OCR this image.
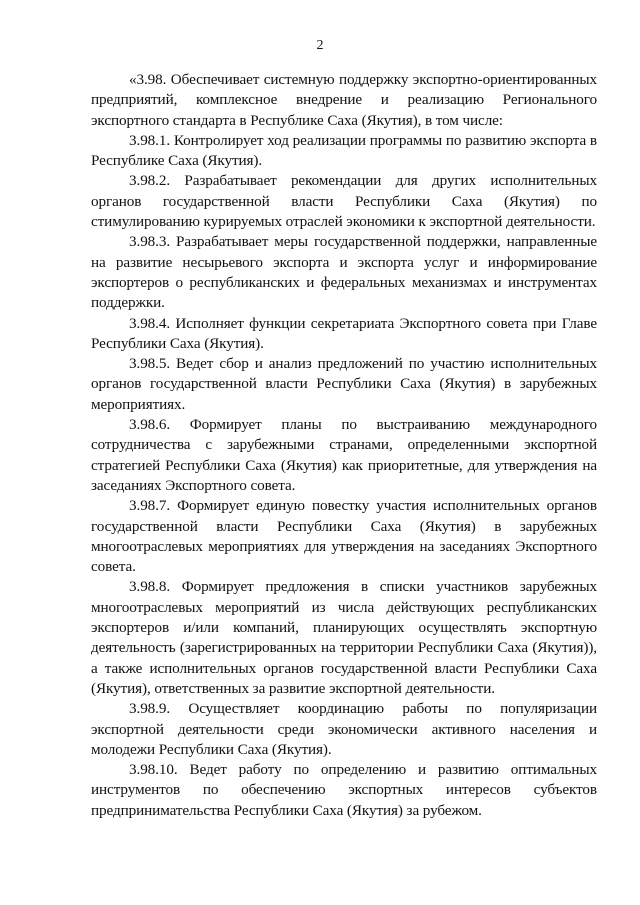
2

«3.98. Обеспечивает системную поддержку экспортно-ориентированных предприятий, комплексное внедрение и реализацию Регионального экспортного стандарта в Республике Саха (Якутия), в том числе:

3.98.1. Контролирует ход реализации программы по развитию экспорта в Республике Саха (Якутия).

3.98.2. Разрабатывает рекомендации для других исполнительных органов государственной власти Республики Саха (Якутия) по стимулированию курируемых отраслей экономики к экспортной деятельности.

3.98.3. Разрабатывает меры государственной поддержки, направленные на развитие несырьевого экспорта и экспорта услуг и информирование экспортеров о республиканских и федеральных механизмах и инструментах поддержки.

3.98.4. Исполняет функции секретариата Экспортного совета при Главе Республики Саха (Якутия).

3.98.5. Ведет сбор и анализ предложений по участию исполнительных органов государственной власти Республики Саха (Якутия) в зарубежных мероприятиях.

3.98.6. Формирует планы по выстраиванию международного сотрудничества с зарубежными странами, определенными экспортной стратегией Республики Саха (Якутия) как приоритетные, для утверждения на заседаниях Экспортного совета.

3.98.7. Формирует единую повестку участия исполнительных органов государственной власти Республики Саха (Якутия) в зарубежных многоотраслевых мероприятиях для утверждения на заседаниях Экспортного совета.

3.98.8. Формирует предложения в списки участников зарубежных многоотраслевых мероприятий из числа действующих республиканских экспортеров и/или компаний, планирующих осуществлять экспортную деятельность (зарегистрированных на территории Республики Саха (Якутия)), а также исполнительных органов государственной власти Республики Саха (Якутия), ответственных за развитие экспортной деятельности.

3.98.9. Осуществляет координацию работы по популяризации экспортной деятельности среди экономически активного населения и молодежи Республики Саха (Якутия).

3.98.10. Ведет работу по определению и развитию оптимальных инструментов по обеспечению экспортных интересов субъектов предпринимательства Республики Саха (Якутия) за рубежом.
